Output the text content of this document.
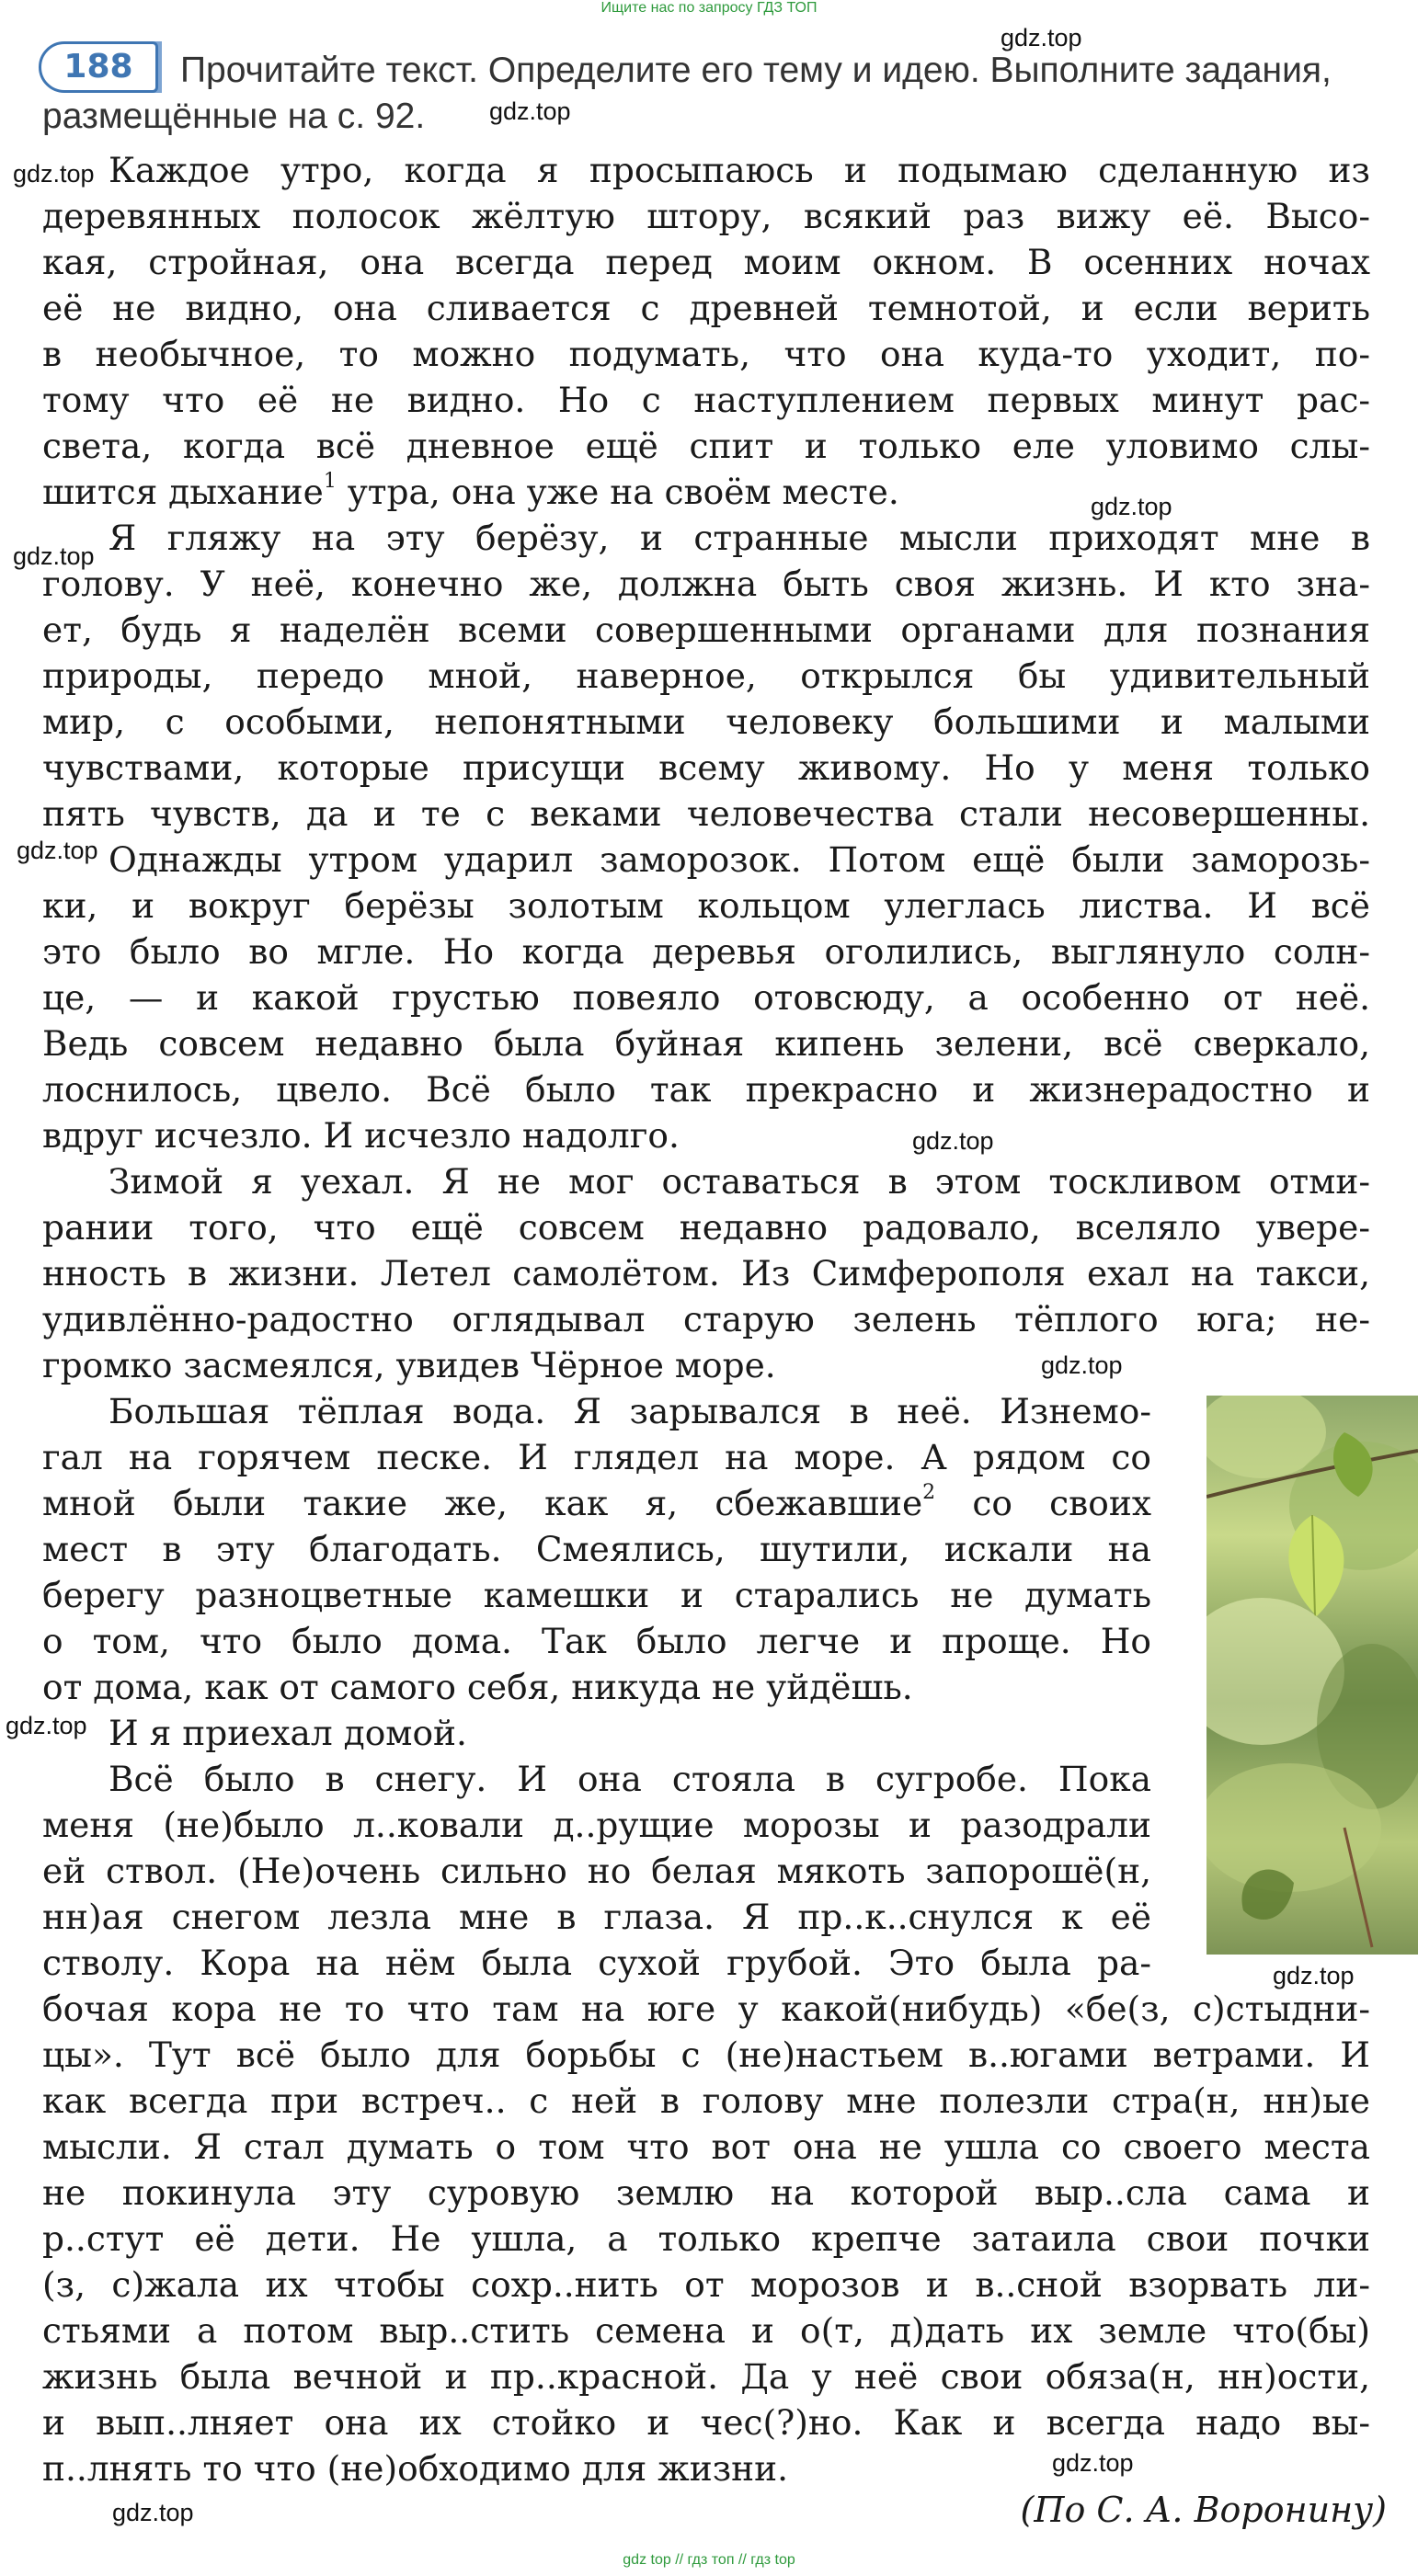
Ищите нас по запросу ГДЗ ТОП
gdz.top
gdz.top
gdz.top
gdz.top
gdz.top
gdz.top
gdz.top
gdz.top
gdz.top
gdz.top
gdz.top
gdz.top
188	Прочитайте текст. Определите его тему и идею. Выполните задания,
размещённые на с. 92.
Каждое утро, когда я просыпаюсь и подымаю сделанную из
деревянных полосок жёлтую штору, всякий раз вижу её. Высо-
кая, стройная, она всегда перед моим окном. В осенних ночах
её не видно, она сливается с древней темнотой, и если верить
в необычное, то можно подумать, что она куда-то уходит, по-
тому что её не видно. Но с наступлением первых минут рас-
света, когда всё дневное ещё спит и только еле уловимо слы-
шится дыхание$^1$ утра, она уже на своём месте.
Я гляжу на эту берёзу, и странные мысли приходят мне в
голову. У неё, конечно же, должна быть своя жизнь. И кто зна-
ет, будь я наделён всеми совершенными органами для познания
природы, передо мной, наверное, открылся бы удивительный
мир, с особыми, непонятными человеку большими и малыми
чувствами, которые присущи всему живому. Но у меня только
пять чувств, да и те с веками человечества стали несовершенны.
Однажды утром ударил заморозок. Потом ещё были заморозь-
ки, и вокруг берёзы золотым кольцом улеглась листва. И всё
это было во мгле. Но когда деревья оголились, выглянуло солн-
це, — и какой грустью повеяло отовсюду, а особенно от неё.
Ведь совсем недавно была буйная кипень зелени, всё сверкало,
лоснилось, цвело. Всё было так прекрасно и жизнерадостно и
вдруг исчезло. И исчезло надолго.
Зимой я уехал. Я не мог оставаться в этом тоскливом отми-
рании того, что ещё совсем недавно радовало, вселяло увере-
нность в жизни. Летел самолётом. Из Симферополя ехал на такси,
удивлённо-радостно оглядывал старую зелень тёплого юга; не-
громко засмеялся, увидев Чёрное море.
Большая тёплая вода. Я зарывался в неё. Изнемо-
гал на горячем песке. И глядел на море. А рядом со
мной были такие же, как я, сбежавшие$^2$ со своих
мест в эту благодать. Смеялись, шутили, искали на
берегу разноцветные камешки и старались не думать
о том, что было дома. Так было легче и проще. Но
от дома, как от самого себя, никуда не уйдёшь.
И я приехал домой.
Всё было в снегу. И она стояла в сугробе. Пока
меня (не)было л..ковали д..рущие морозы и разодрали
ей ствол. (Не)очень сильно но белая мякоть запорошё(н,
нн)ая снегом лезла мне в глаза. Я пр..к..снулся к её
стволу. Кора на нём была сухой грубой. Это была ра-
бочая кора не то что там на юге у какой(нибудь) «бе(з, с)стыдни-
цы». Тут всё было для борьбы с (не)настьем в..югами ветрами. И
как всегда при встреч.. с ней в голову мне полезли стра(н, нн)ые
мысли. Я стал думать о том что вот она не ушла со своего места
не покинула эту суровую землю на которой выр..сла сама и
р..стут её дети. Не ушла, а только крепче затаила свои почки
(з, с)жала их чтобы сохр..нить от морозов и в..сной взорвать ли-
стьями а потом выр..стить семена и о(т, д)дать их земле что(бы)
жизнь была вечной и пр..красной. Да у неё свои обяза(н, нн)ости,
и вып..лняет она их стойко и чес(?)но. Как и всегда надо вы-
п..лнять то что (не)обходимо для жизни.
(По С. А. Воронину)
gdz top // гдз топ // гдз top
